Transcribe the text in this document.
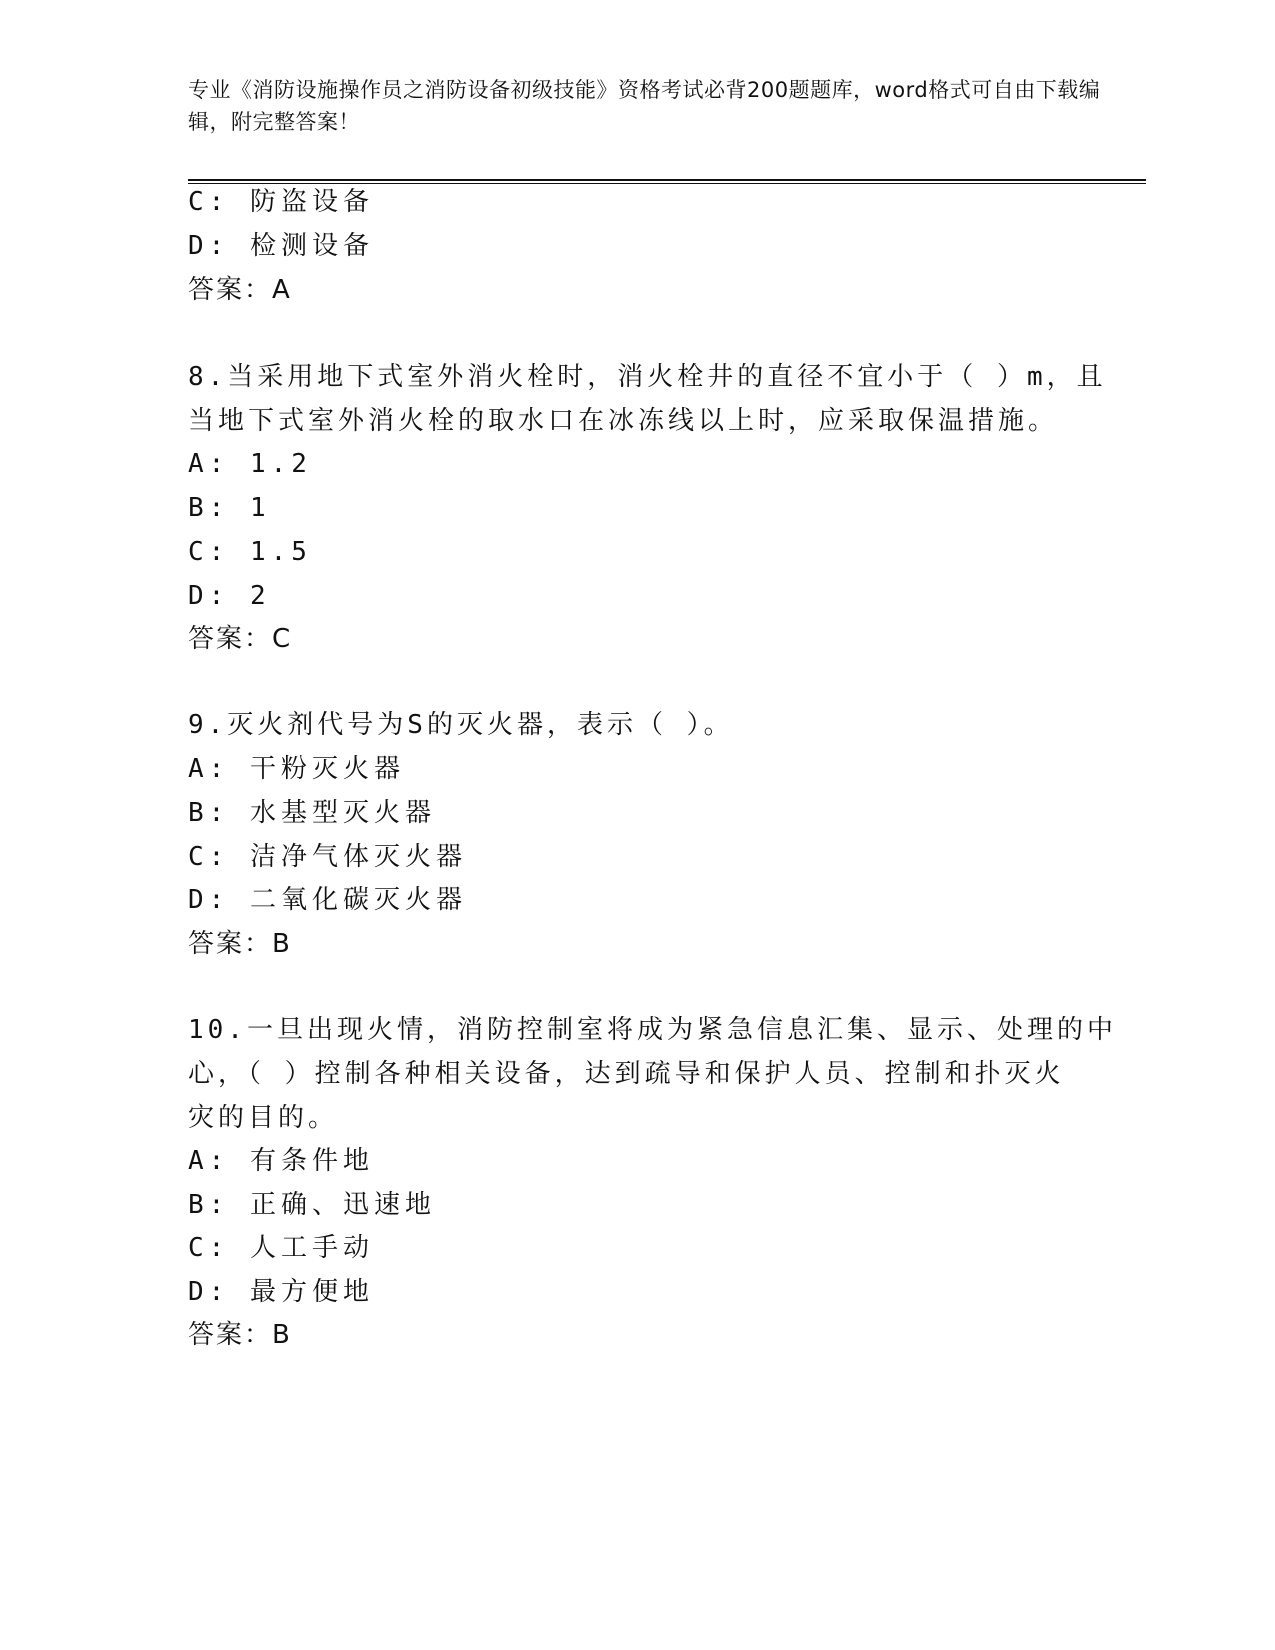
专业《消防设施操作员之消防设备初级技能》资格考试必背200题题库，word格式可自由下载编辑，附完整答案！
C: 防盗设备
D: 检测设备
答案：A
8.当采用地下式室外消火栓时，消火栓井的直径不宜小于（ ）m，且
当地下式室外消火栓的取水口在冰冻线以上时，应采取保温措施。
A: 1.2
B: 1
C: 1.5
D: 2
答案：C
9.灭火剂代号为S的灭火器，表示（ ）。
A: 干粉灭火器
B: 水基型灭火器
C: 洁净气体灭火器
D: 二氧化碳灭火器
答案：B
10.一旦出现火情，消防控制室将成为紧急信息汇集、显示、处理的中
心，（ ）控制各种相关设备，达到疏导和保护人员、控制和扑灭火
灾的目的。
A: 有条件地
B: 正确、迅速地
C: 人工手动
D: 最方便地
答案：B
